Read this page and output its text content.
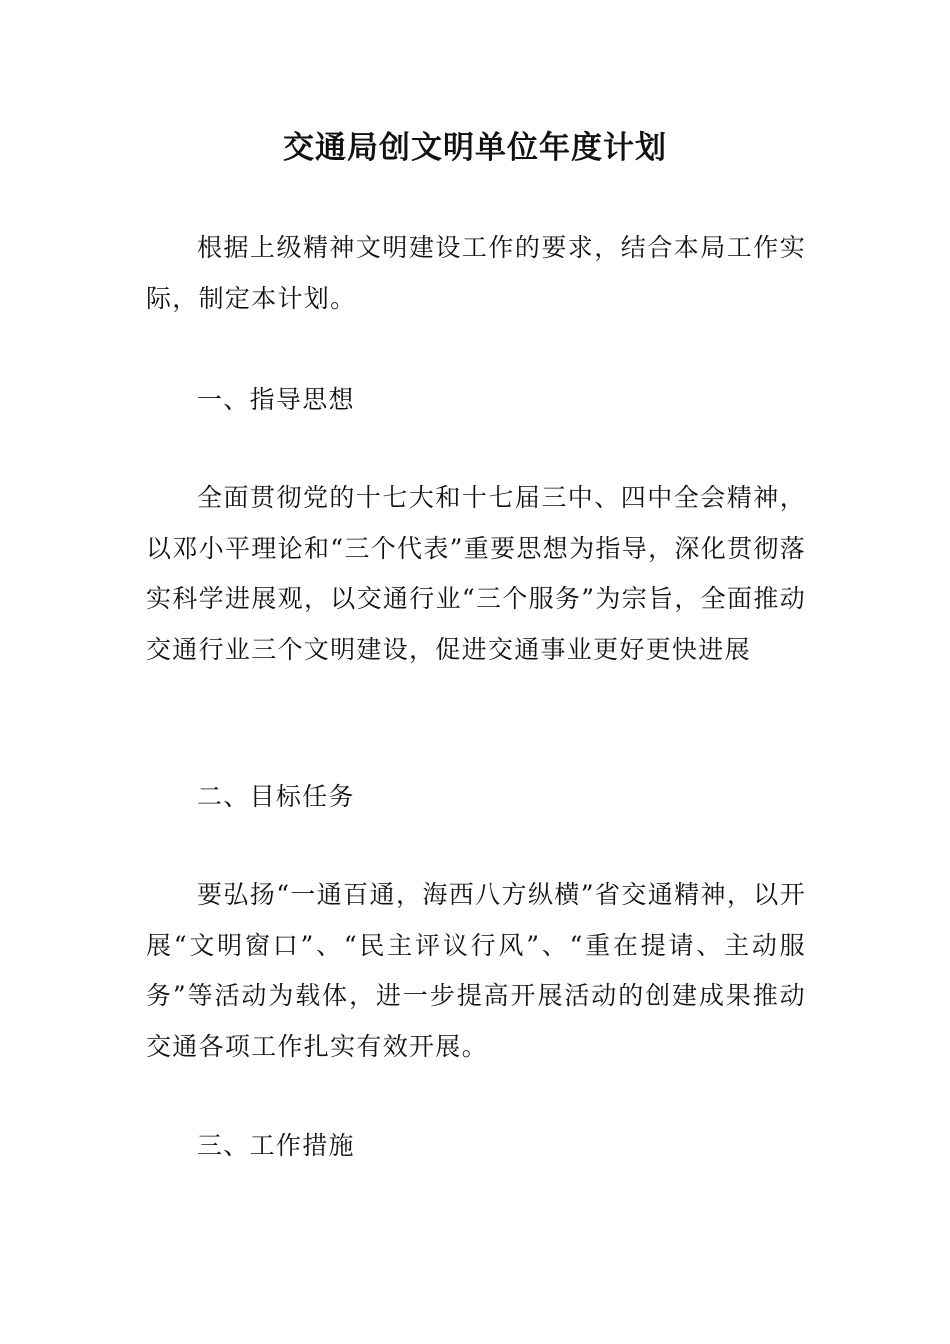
交通局创文明单位年度计划

根据上级精神文明建设工作的要求，结合本局工作实际，制定本计划。

一、指导思想

全面贯彻党的十七大和十七届三中、四中全会精神，以邓小平理论和“三个代表”重要思想为指导，深化贯彻落实科学进展观，以交通行业“三个服务”为宗旨，全面推动交通行业三个文明建设，促进交通事业更好更快进展

二、目标任务

要弘扬“一通百通，海西八方纵横”省交通精神，以开展“文明窗口”、“民主评议行风”、“重在提请、主动服务”等活动为载体，进一步提高开展活动的创建成果推动交通各项工作扎实有效开展。

三、工作措施
